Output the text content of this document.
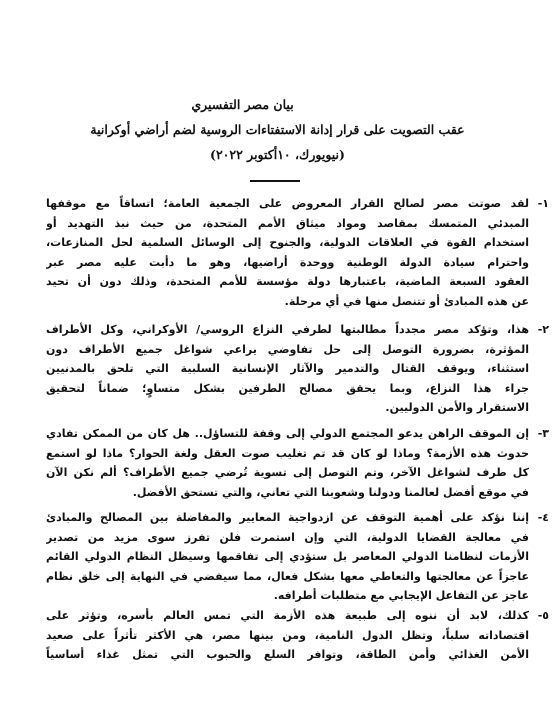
بيان مصر التفسيري
عقب التصويت على قرار إدانة الاستفتاءات الروسية لضم أراضي أوكرانية
(نيويورك، ١٠أكتوبر ٢٠٢٢)
١-
لقد صوتت مصر لصالح القرار المعروض على الجمعية العامة؛ اتساقاً مع موقفها
المبدئي المتمسك بمقاصد ومواد ميثاق الأمم المتحدة، من حيث نبذ التهديد أو
استخدام القوة في العلاقات الدولية، والجنوح إلى الوسائل السلمية لحل المنازعات،
واحترام سيادة الدولة الوطنية ووحدة أراضيها، وهو ما دأبت عليه مصر عبر
العقود السبعة الماضية، باعتبارها دولة مؤسسة للأمم المتحدة، وذلك دون أن تحيد
عن هذه المبادئ أو تتنصل منها في أي مرحلة.
٢-
هذا، وتؤكد مصر مجدداً مطالبتها لطرفي النزاع الروسي/ الأوكراني، وكل الأطراف
المؤثرة، بضرورة التوصل إلى حل تفاوضي يراعي شواغل جميع الأطراف دون
استثناء، ويوقف القتال والتدمير والآثار الإنسانية السلبية التي تلحق بالمدنيين
جراء هذا النزاع، وبما يحقق مصالح الطرفين بشكل متساوٍ؛ ضماناً لتحقيق
الاستقرار والأمن الدوليين.
٣-
إن الموقف الراهن يدعو المجتمع الدولي إلى وقفة للتساؤل.. هل كان من الممكن تفادي
حدوث هذه الأزمة؟ وماذا لو كان قد تم تغليب صوت العقل ولغة الحوار؟ ماذا لو استمع
كل طرف لشواغل الآخر، وتم التوصل إلى تسوية تُرضي جميع الأطراف؟ ألم نكن الآن
في موقع أفضل لعالمنا ودولنا وشعوبنا التي تعاني، والتي تستحق الأفضل.
٤-
إننا نؤكد على أهمية التوقف عن ازدواجية المعايير والمفاضلة بين المصالح والمبادئ
في معالجة القضايا الدولية، التي وإن استمرت فلن تفرز سوى مزيد من تصدير
الأزمات لنظامنا الدولي المعاصر بل ستؤدي إلى تفاقمها وسيظل النظام الدولي القائم
عاجزاً عن معالجتها والتعاطي معها بشكل فعال، مما سيفضي في النهاية إلى خلق نظام
عاجز عن التفاعل الإيجابي مع متطلبات أطرافه.
٥-
كذلك، لابد أن ننوه إلى طبيعة هذه الأزمة التي تمس العالم بأسره، وتؤثر على
اقتصاداته سلباً، وتظل الدول النامية، ومن بينها مصر، هي الأكثر تأثراً على صعيد
الأمن الغذائي وأمن الطاقة، وتوافر السلع والحبوب التي تمثل غذاء أساسياً
